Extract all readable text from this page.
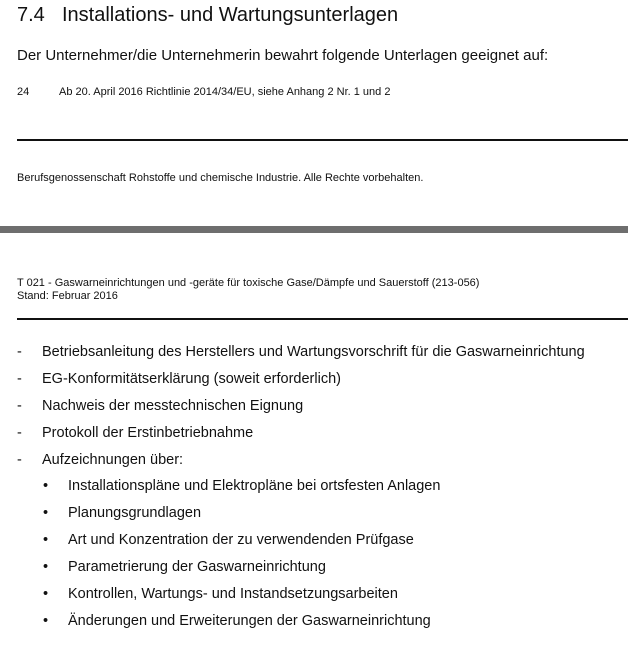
7.4 Installations- und Wartungsunterlagen
Der Unternehmer/die Unternehmerin bewahrt folgende Unterlagen geeignet auf:
24	Ab 20. April 2016 Richtlinie 2014/34/EU, siehe Anhang 2 Nr. 1 und 2
Berufsgenossenschaft Rohstoffe und chemische Industrie. Alle Rechte vorbehalten.
T 021 - Gaswarneinrichtungen und -geräte für toxische Gase/Dämpfe und Sauerstoff (213-056)
Stand: Februar 2016
- Betriebsanleitung des Herstellers und Wartungsvorschrift für die Gaswarneinrichtung
- EG-Konformitätserklärung (soweit erforderlich)
- Nachweis der messtechnischen Eignung
- Protokoll der Erstinbetriebnahme
- Aufzeichnungen über:
• Installationspläne und Elektropläne bei ortsfesten Anlagen
• Planungsgrundlagen
• Art und Konzentration der zu verwendenden Prüfgase
• Parametrierung der Gaswarneinrichtung
• Kontrollen, Wartungs- und Instandsetzungsarbeiten
• Änderungen und Erweiterungen der Gaswarneinrichtung
